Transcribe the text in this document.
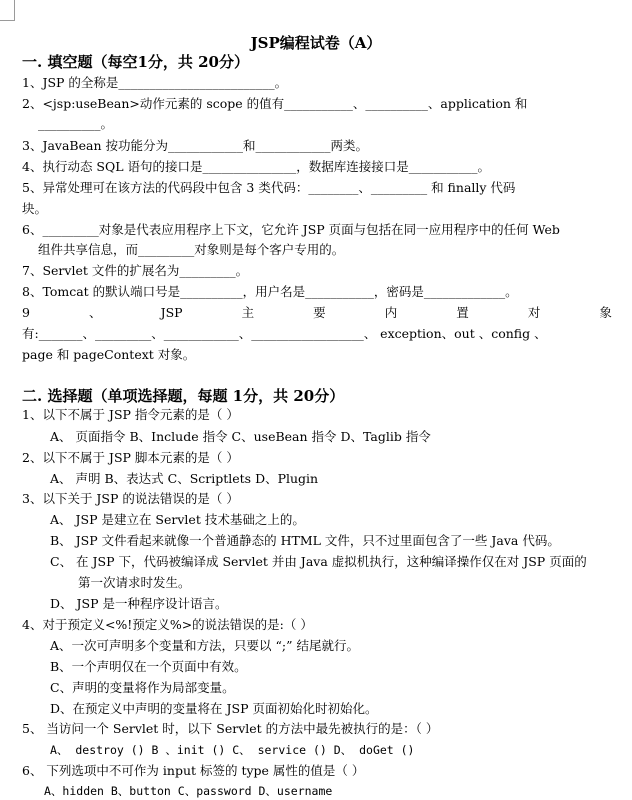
JSP编程试卷（A）
一. 填空题（每空1分，共 20分）
1、JSP 的全称是_________________________。
2、<jsp:useBean>动作元素的 scope 的值有___________、__________、application 和
__________。
3、JavaBean 按功能分为____________和____________两类。
4、执行动态 SQL 语句的接口是_______________，数据库连接接口是___________。
5、异常处理可在该方法的代码段中包含 3 类代码：________、_________ 和 finally 代码
块。
6、_________对象是代表应用程序上下文，它允许 JSP 页面与包括在同一应用程序中的任何 Web
组件共享信息，而_________对象则是每个客户专用的。
7、Servlet 文件的扩展名为_________。
8、Tomcat 的默认端口号是__________，用户名是___________，密码是_____________。
9	、	JSP	主	要	内	置	对	象
有:_______、_________、____________、__________________、 exception、out 、config 、
page 和 pageContext 对象。
二. 选择题（单项选择题，每题 1分，共 20分）
1、以下不属于 JSP 指令元素的是（ ）
A、 页面指令 B、Include 指令 C、useBean 指令 D、Taglib 指令
2、以下不属于 JSP 脚本元素的是（ ）
A、 声明 B、表达式 C、Scriptlets D、Plugin
3、以下关于 JSP 的说法错误的是（ ）
A、 JSP 是建立在 Servlet 技术基础之上的。
B、 JSP 文件看起来就像一个普通静态的 HTML 文件，只不过里面包含了一些 Java 代码。
C、 在 JSP 下，代码被编译成 Servlet 并由 Java 虚拟机执行，这种编译操作仅在对 JSP 页面的
第一次请求时发生。
D、 JSP 是一种程序设计语言。
4、对于预定义<%!预定义%>的说法错误的是:（ ）
A、一次可声明多个变量和方法，只要以 “;” 结尾就行。
B、一个声明仅在一个页面中有效。
C、声明的变量将作为局部变量。
D、在预定义中声明的变量将在 JSP 页面初始化时初始化。
5、 当访问一个 Servlet 时，以下 Servlet 的方法中最先被执行的是：（ ）
A、 destroy () B 、init () C、 service () D、 doGet ()
6、 下列选项中不可作为 input 标签的 type 属性的值是（ ）
A、hidden B、button C、password D、username
